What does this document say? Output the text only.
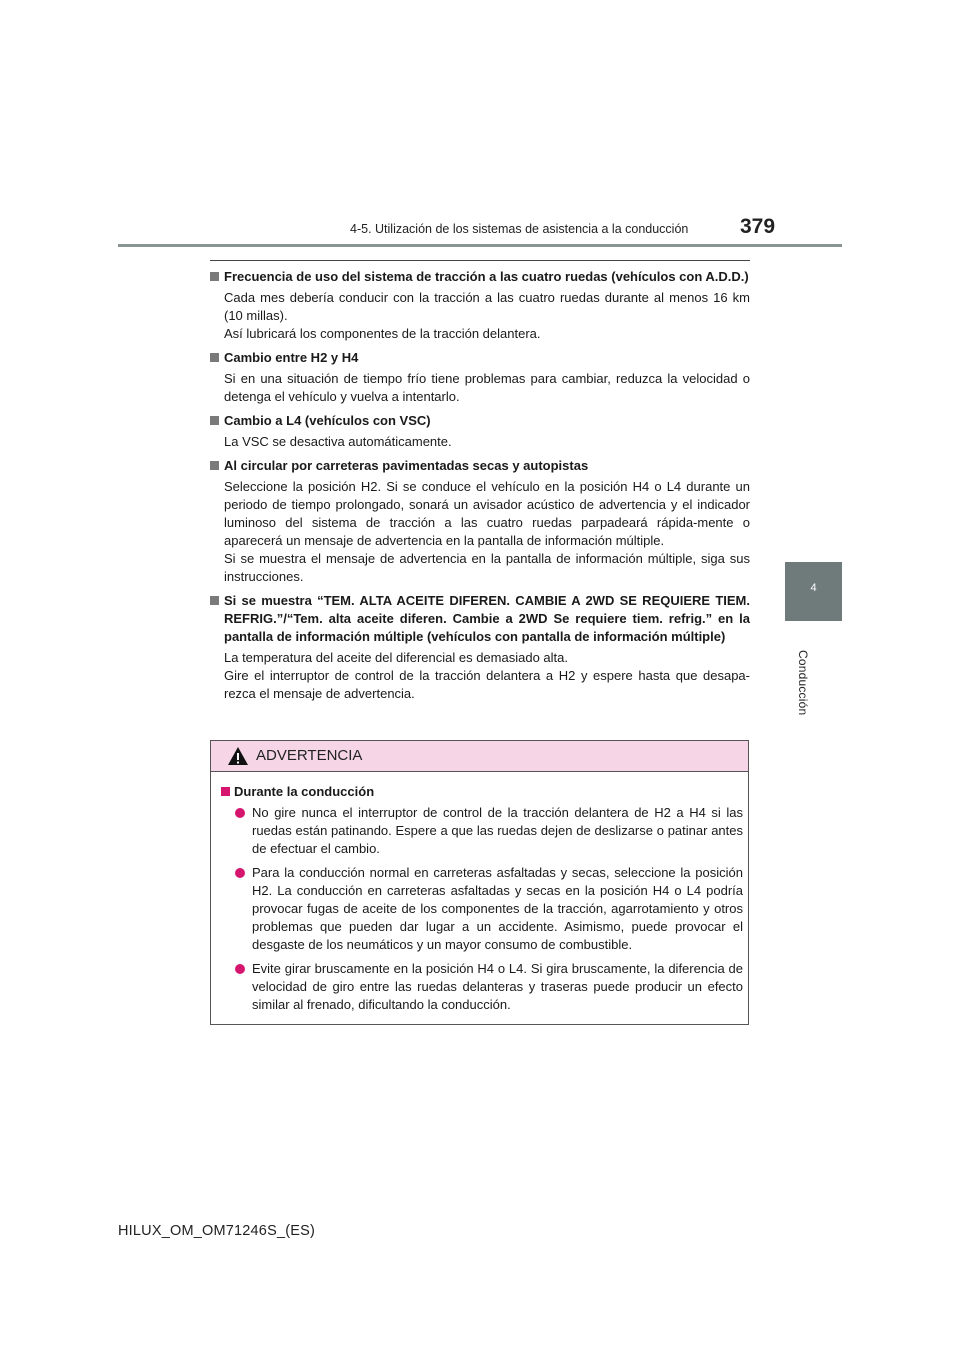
4-5. Utilización de los sistemas de asistencia a la conducción 379
4
Conducción
Frecuencia de uso del sistema de tracción a las cuatro ruedas (vehículos con A.D.D.)

Cada mes debería conducir con la tracción a las cuatro ruedas durante al menos 16 km (10 millas).

Así lubricará los componentes de la tracción delantera.

Cambio entre H2 y H4

Si en una situación de tiempo frío tiene problemas para cambiar, reduzca la velocidad o detenga el vehículo y vuelva a intentarlo.

Cambio a L4 (vehículos con VSC)

La VSC se desactiva automáticamente.

Al circular por carreteras pavimentadas secas y autopistas

Seleccione la posición H2. Si se conduce el vehículo en la posición H4 o L4 durante un periodo de tiempo prolongado, sonará un avisador acústico de advertencia y el indicador luminoso del sistema de tracción a las cuatro ruedas parpadeará rápida-mente o aparecerá un mensaje de advertencia en la pantalla de información múltiple.

Si se muestra el mensaje de advertencia en la pantalla de información múltiple, siga sus instrucciones.

Si se muestra “TEM. ALTA ACEITE DIFEREN. CAMBIE A 2WD SE REQUIERE TIEM. REFRIG.”/“Tem. alta aceite diferen. Cambie a 2WD Se requiere tiem. refrig.” en la pantalla de información múltiple (vehículos con pantalla de información múltiple)

La temperatura del aceite del diferencial es demasiado alta.

Gire el interruptor de control de la tracción delantera a H2 y espere hasta que desapa-rezca el mensaje de advertencia.

ADVERTENCIA
Durante la conducción
No gire nunca el interruptor de control de la tracción delantera de H2 a H4 si las ruedas están patinando. Espere a que las ruedas dejen de deslizarse o patinar antes de efectuar el cambio.
Para la conducción normal en carreteras asfaltadas y secas, seleccione la posición H2. La conducción en carreteras asfaltadas y secas en la posición H4 o L4 podría provocar fugas de aceite de los componentes de la tracción, agarrotamiento y otros problemas que pueden dar lugar a un accidente. Asimismo, puede provocar el desgaste de los neumáticos y un mayor consumo de combustible.
Evite girar bruscamente en la posición H4 o L4. Si gira bruscamente, la diferencia de velocidad de giro entre las ruedas delanteras y traseras puede producir un efecto similar al frenado, dificultando la conducción.
HILUX_OM_OM71246S_(ES)
